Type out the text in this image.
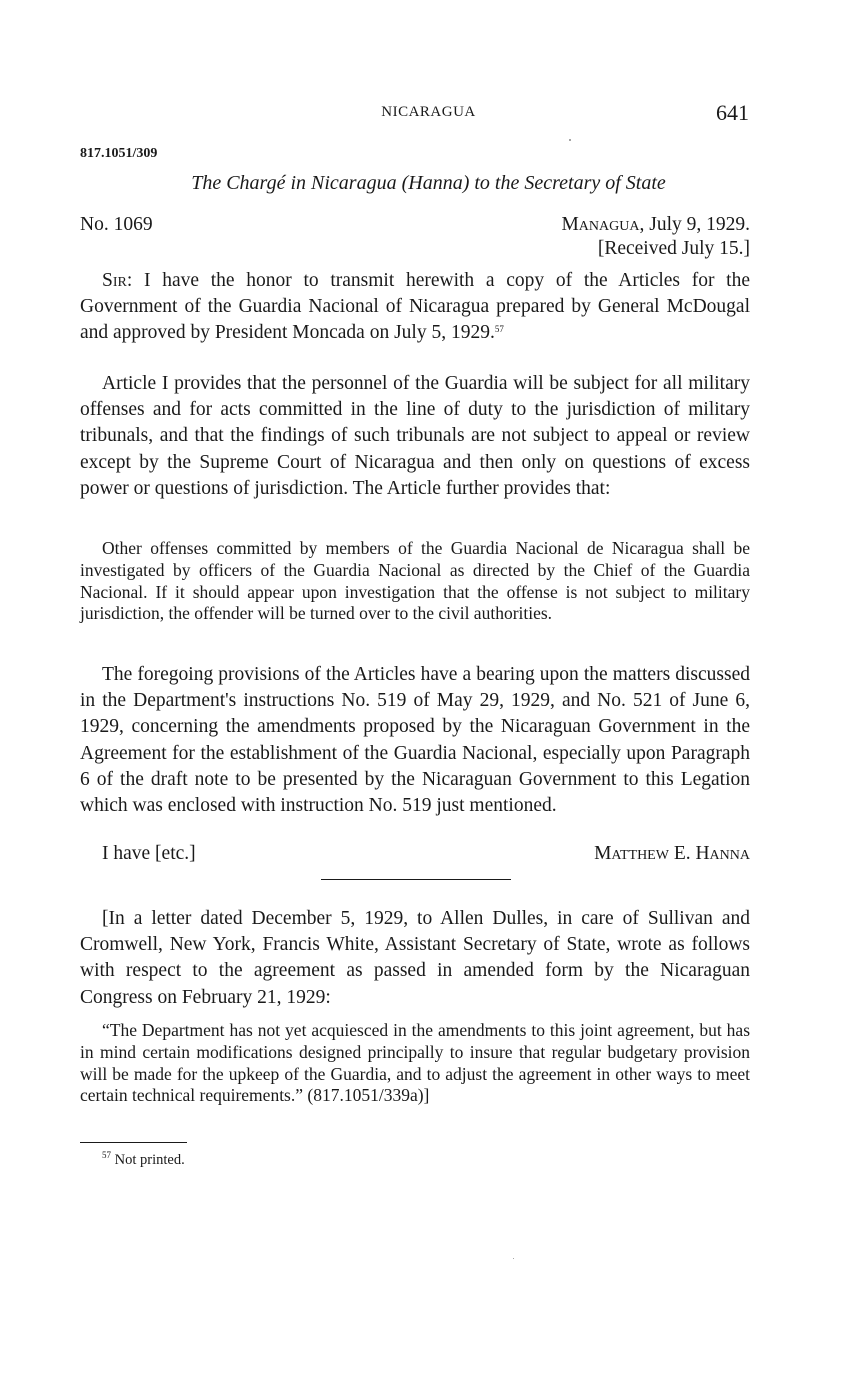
NICARAGUA	641
817.1051/309
The Chargé in Nicaragua (Hanna) to the Secretary of State
No. 1069	Managua, July 9, 1929.
[Received July 15.]
Sir: I have the honor to transmit herewith a copy of the Articles for the Government of the Guardia Nacional of Nicaragua prepared by General McDougal and approved by President Moncada on July 5, 1929.57
Article I provides that the personnel of the Guardia will be subject for all military offenses and for acts committed in the line of duty to the jurisdiction of military tribunals, and that the findings of such tribunals are not subject to appeal or review except by the Supreme Court of Nicaragua and then only on questions of excess power or questions of jurisdiction. The Article further provides that:
Other offenses committed by members of the Guardia Nacional de Nicaragua shall be investigated by officers of the Guardia Nacional as directed by the Chief of the Guardia Nacional. If it should appear upon investigation that the offense is not subject to military jurisdiction, the offender will be turned over to the civil authorities.
The foregoing provisions of the Articles have a bearing upon the matters discussed in the Department's instructions No. 519 of May 29, 1929, and No. 521 of June 6, 1929, concerning the amendments proposed by the Nicaraguan Government in the Agreement for the establishment of the Guardia Nacional, especially upon Paragraph 6 of the draft note to be presented by the Nicaraguan Government to this Legation which was enclosed with instruction No. 519 just mentioned.
I have [etc.]	Matthew E. Hanna
[In a letter dated December 5, 1929, to Allen Dulles, in care of Sullivan and Cromwell, New York, Francis White, Assistant Secretary of State, wrote as follows with respect to the agreement as passed in amended form by the Nicaraguan Congress on February 21, 1929:
“The Department has not yet acquiesced in the amendments to this joint agreement, but has in mind certain modifications designed principally to insure that regular budgetary provision will be made for the upkeep of the Guardia, and to adjust the agreement in other ways to meet certain technical requirements.” (817.1051/339a)]
$^{57}$ Not printed.
